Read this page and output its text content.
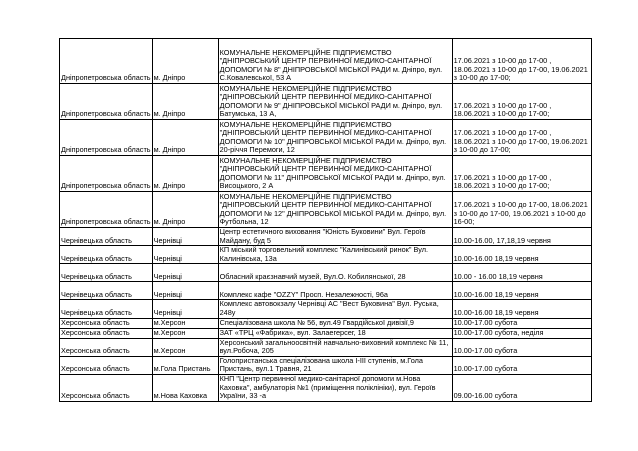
Дніпропетровська область	м. Дніпро	КОМУНАЛЬНЕ НЕКОМЕРЦІЙНЕ ПІДПРИЄМСТВО "ДНІПРОВСЬКИЙ ЦЕНТР ПЕРВИННОЇ МЕДИКО-САНІТАРНОЇ ДОПОМОГИ № 8" ДНІПРОВСЬКОЇ МІСЬКОЇ РАДИ м. Дніпро, вул. С.Ковалевської, 53 А	17.06.2021 з 10-00 до 17-00 , 18.06.2021 з 10-00 до 17-00, 19.06.2021 з 10-00 до 17-00;
Дніпропетровська область	м. Дніпро	КОМУНАЛЬНЕ НЕКОМЕРЦІЙНЕ ПІДПРИЄМСТВО "ДНІПРОВСЬКИЙ ЦЕНТР ПЕРВИННОЇ МЕДИКО-САНІТАРНОЇ ДОПОМОГИ № 9" ДНІПРОВСЬКОЇ МІСЬКОЇ РАДИ м. Дніпро, вул. Батумська, 13 А,	17.06.2021 з 10-00 до 17-00 , 18.06.2021 з 10-00 до 17-00;
Дніпропетровська область	м. Дніпро	КОМУНАЛЬНЕ НЕКОМЕРЦІЙНЕ ПІДПРИЄМСТВО "ДНІПРОВСЬКИЙ ЦЕНТР ПЕРВИННОЇ МЕДИКО-САНІТАРНОЇ ДОПОМОГИ № 10" ДНІПРОВСЬКОЇ МІСЬКОЇ РАДИ м. Дніпро, вул. 20-річчя Перемоги, 12	17.06.2021 з 10-00 до 17-00 , 18.06.2021 з 10-00 до 17-00, 19.06.2021 з 10-00 до 17-00;
Дніпропетровська область	м. Дніпро	КОМУНАЛЬНЕ НЕКОМЕРЦІЙНЕ ПІДПРИЄМСТВО "ДНІПРОВСЬКИЙ ЦЕНТР ПЕРВИННОЇ МЕДИКО-САНІТАРНОЇ ДОПОМОГИ № 11" ДНІПРОВСЬКОЇ МІСЬКОЇ РАДИ м. Дніпро, вул. Висоцького, 2 А	17.06.2021 з 10-00 до 17-00 , 18.06.2021 з 10-00 до 17-00;
Дніпропетровська область	м. Дніпро	КОМУНАЛЬНЕ НЕКОМЕРЦІЙНЕ ПІДПРИЄМСТВО "ДНІПРОВСЬКИЙ ЦЕНТР ПЕРВИННОЇ МЕДИКО-САНІТАРНОЇ ДОПОМОГИ № 12" ДНІПРОВСЬКОЇ МІСЬКОЇ РАДИ м. Дніпро, вул. Футбольна, 12	17.06.2021 з 10-00 до 17-00, 18.06.2021 з 10-00 до 17-00, 19.06.2021 з 10-00 до 16-00;
Чернівецька область	Чернівці	Центр естетичного виховання "Юність Буковини" Вул. Героїв Майдану, буд 5	10.00-16.00, 17,18,19 червня
Чернівецька область	Чернівці	КП міський торговельний комплекс "Калинівський ринок" Вул. Калинівська, 13а	10.00-16.00 18,19 червня
Чернівецька область	Чернівці	Обласний краєзнавчий музей, Вул.О. Кобилянської, 28	10.00 - 16.00 18,19 червня
Чернівецька область	Чернівці	Комплекс кафе "OZZY" Просп. Незалежності, 96а	10.00-16.00 18,19 червня
Чернівецька область	Чернівці	Комплекс автовокзалу Чернівці АС "Вест Буковина" Вул. Руська, 248у	10.00-16.00 18,19 червня
Херсонська область	м.Херсон	Спеціалізована школа № 56, вул.49 Гвардійської дивізії,9	10.00-17.00 субота
Херсонська область	м.Херсон	ЗАТ «ТРЦ «Фабрика», вул. Залаегерсег, 18	10.00-17.00 субота, неділя
Херсонська область	м.Херсон	Херсонський загальноосвітній навчально-виховний комплекс № 11, вул.Робоча, 205	10.00-17.00 субота
Херсонська область	м.Гола Пристань	Голопристанська спеціалізована школа І-ІІІ ступенів, м.Гола Пристань, вул.1 Травня, 21	10.00-17.00 субота
Херсонська область	м.Нова Каховка	КНП "Центр первинної медико-санітарної допомоги м.Нова Каховка", амбулаторія №1 (приміщення поліклініки), вул. Героїв України, 33 -а	09.00-16.00 субота
